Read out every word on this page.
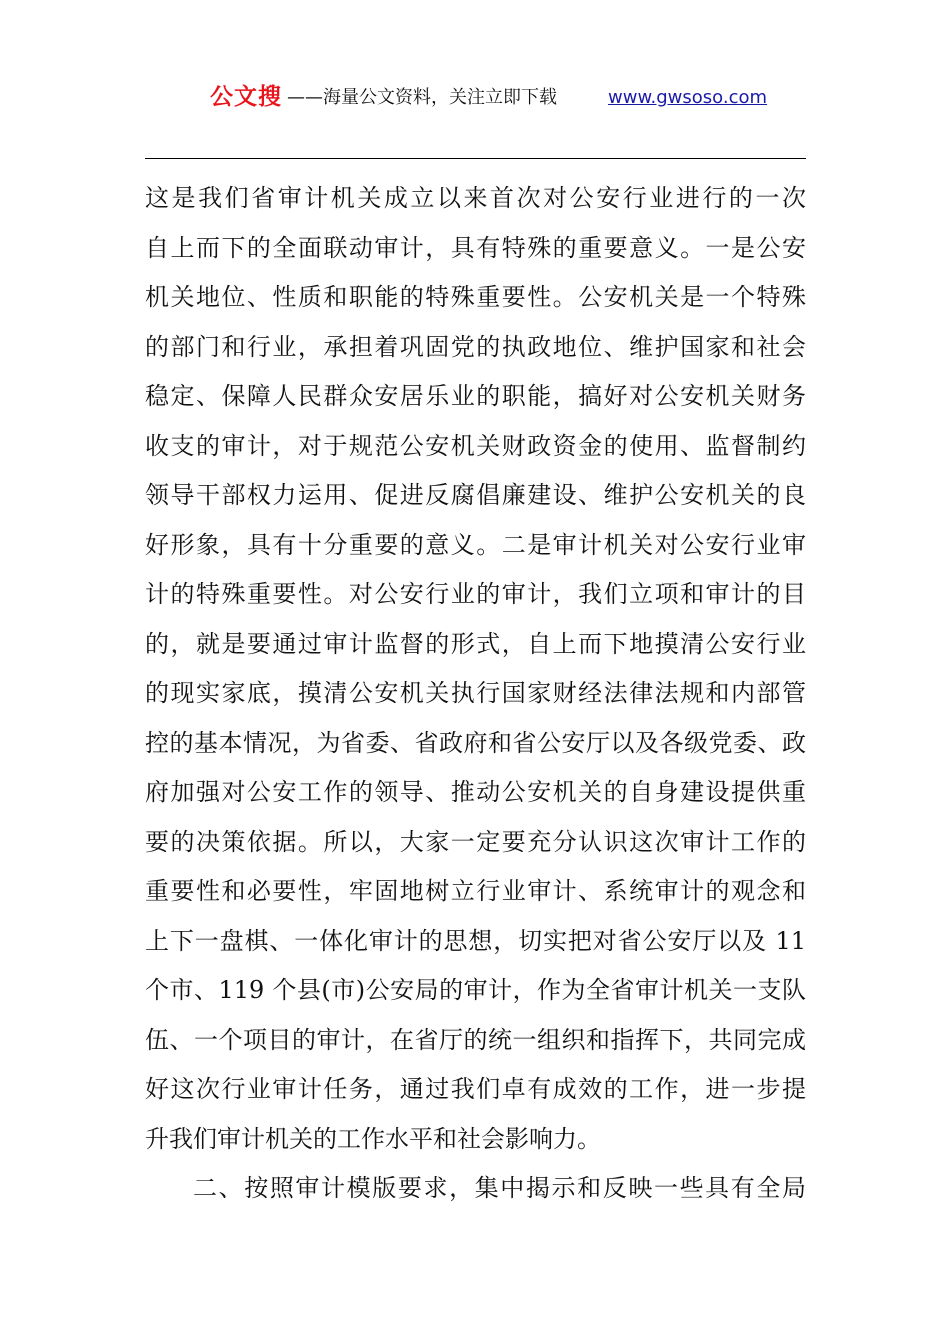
公文搜 ——海量公文资料，关注立即下载	www.gwsoso.com
这是我们省审计机关成立以来首次对公安行业进行的一次
自上而下的全面联动审计，具有特殊的重要意义。一是公安
机关地位、性质和职能的特殊重要性。公安机关是一个特殊
的部门和行业，承担着巩固党的执政地位、维护国家和社会
稳定、保障人民群众安居乐业的职能，搞好对公安机关财务
收支的审计，对于规范公安机关财政资金的使用、监督制约
领导干部权力运用、促进反腐倡廉建设、维护公安机关的良
好形象，具有十分重要的意义。二是审计机关对公安行业审
计的特殊重要性。对公安行业的审计，我们立项和审计的目
的，就是要通过审计监督的形式，自上而下地摸清公安行业
的现实家底，摸清公安机关执行国家财经法律法规和内部管
控的基本情况，为省委、省政府和省公安厅以及各级党委、政
府加强对公安工作的领导、推动公安机关的自身建设提供重
要的决策依据。所以，大家一定要充分认识这次审计工作的
重要性和必要性，牢固地树立行业审计、系统审计的观念和
上下一盘棋、一体化审计的思想，切实把对省公安厅以及 11
个市、119 个县(市)公安局的审计，作为全省审计机关一支队
伍、一个项目的审计，在省厅的统一组织和指挥下，共同完成
好这次行业审计任务，通过我们卓有成效的工作，进一步提
升我们审计机关的工作水平和社会影响力。
二、按照审计模版要求，集中揭示和反映一些具有全局
